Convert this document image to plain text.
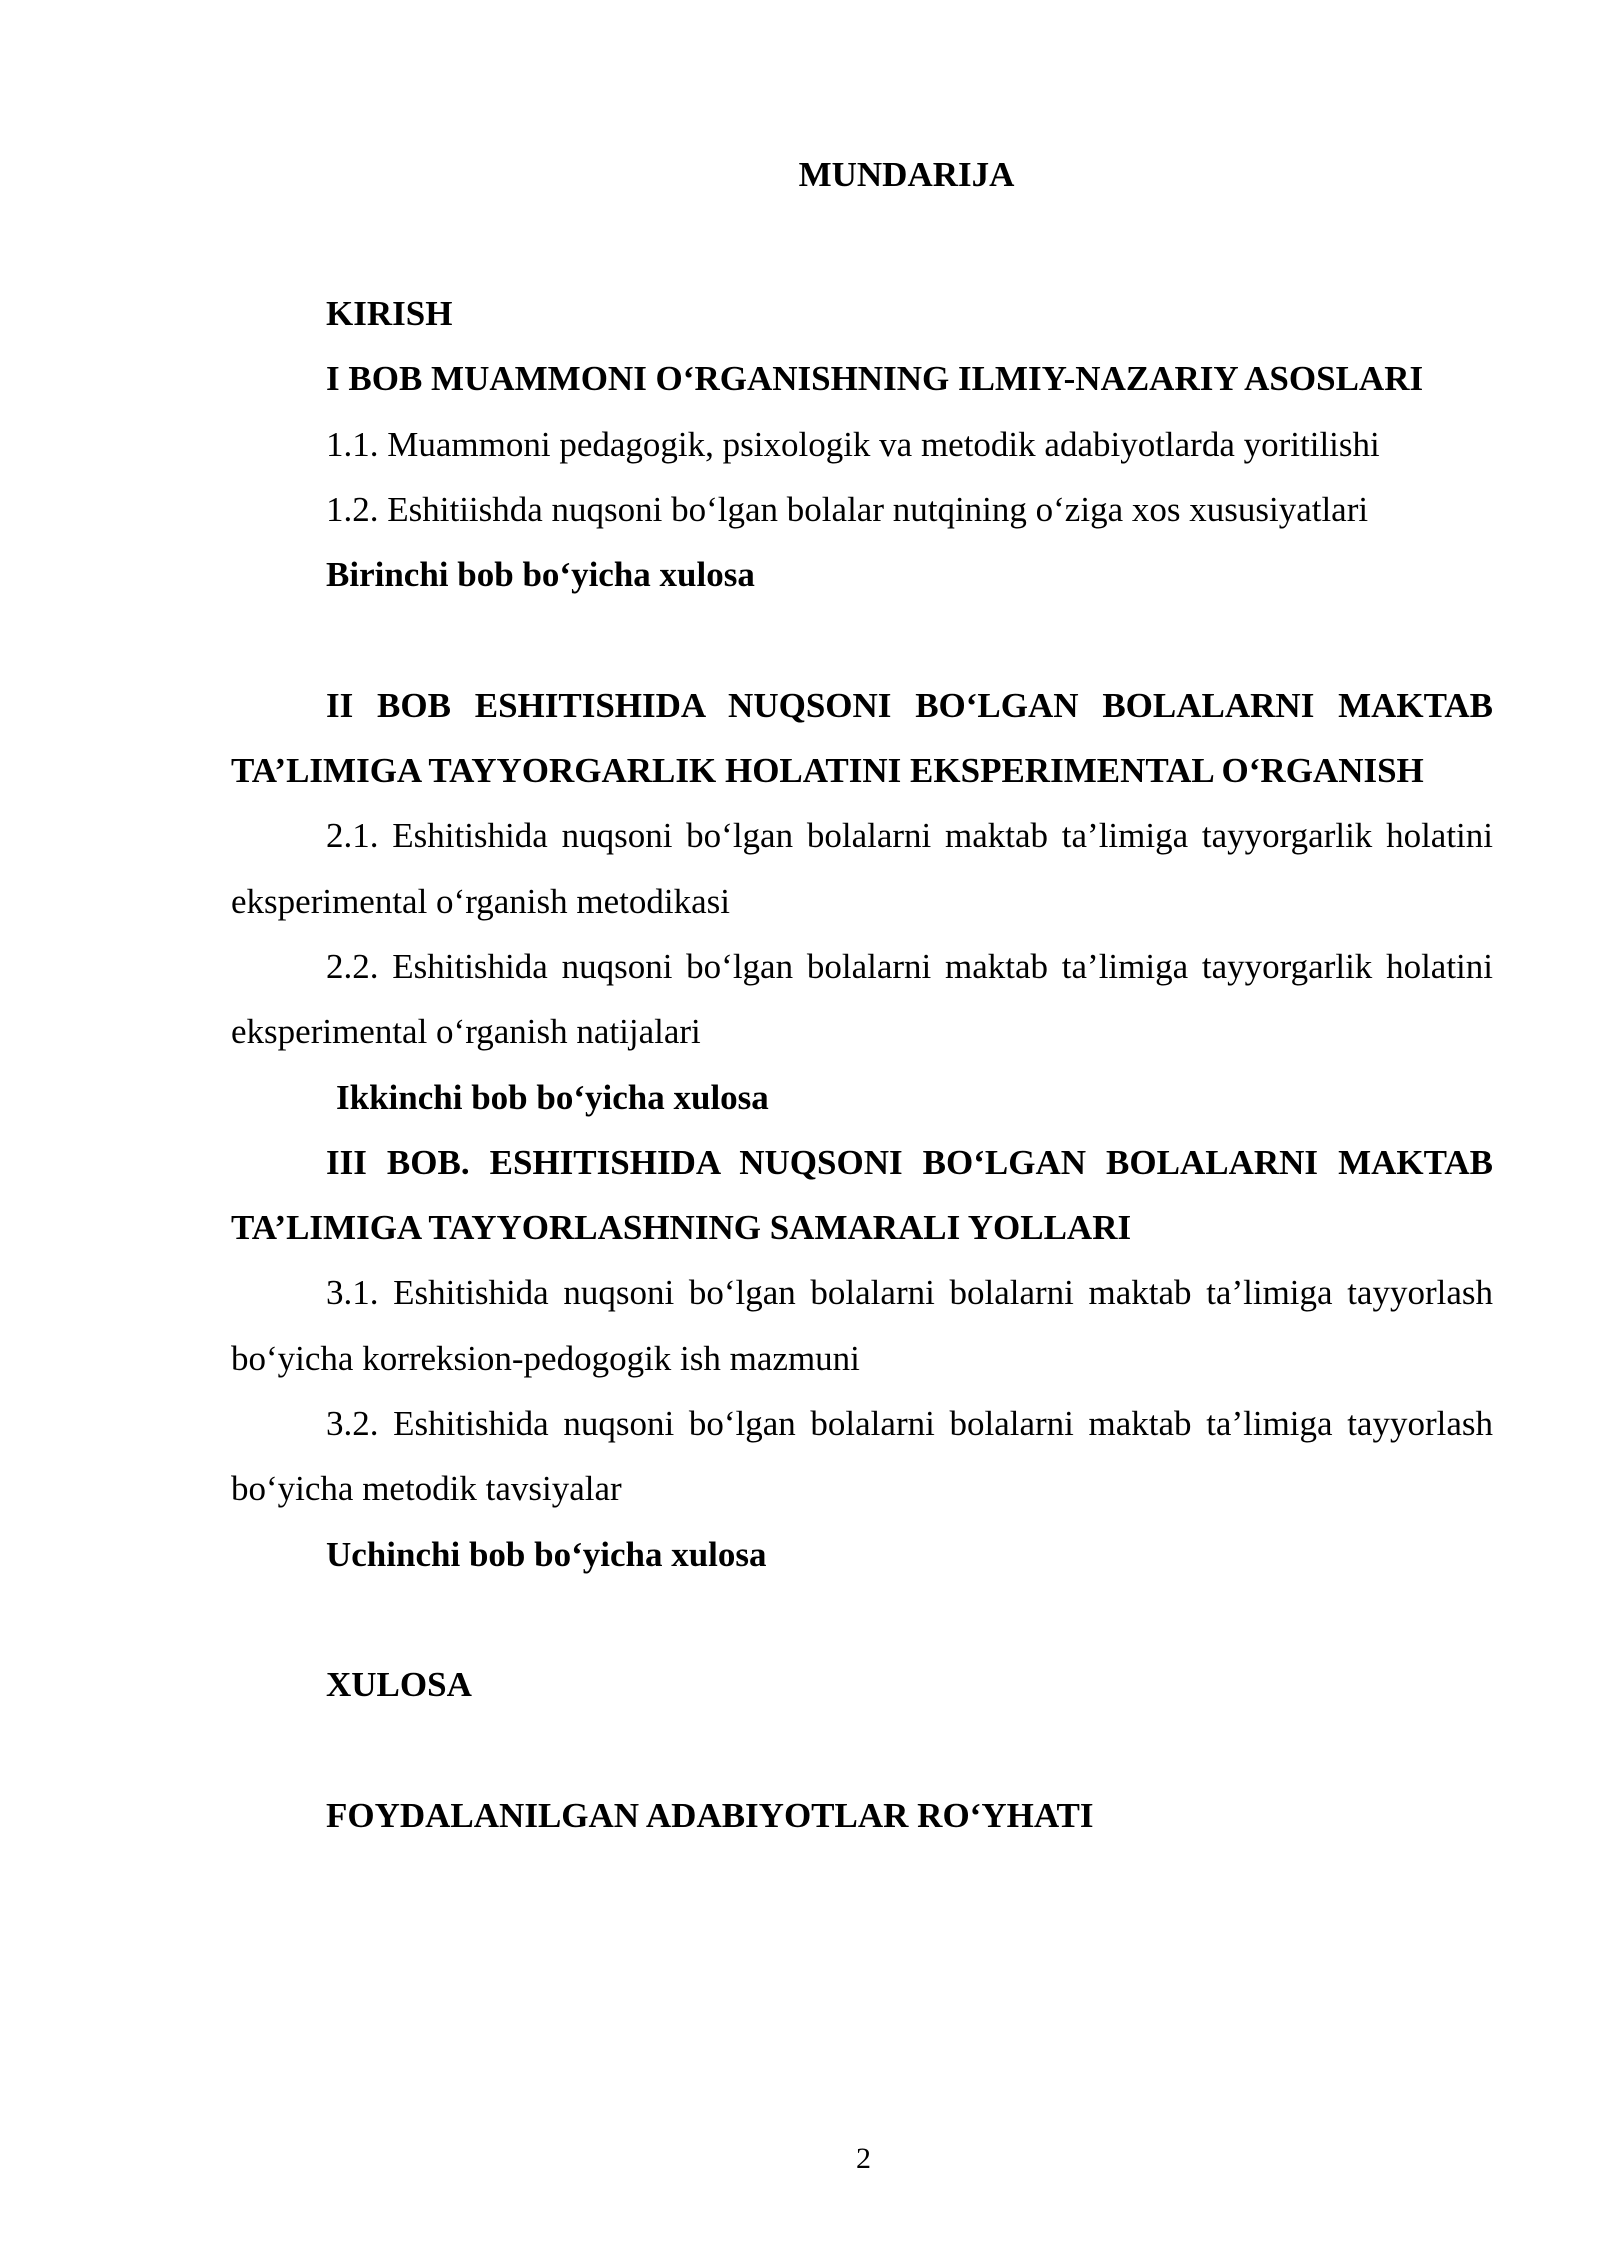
MUNDARIJA

KIRISH

I BOB MUAMMONI O‘RGANISHNING ILMIY-NAZARIY ASOSLARI

1.1. Muammoni pedagogik, psixologik va metodik adabiyotlarda yoritilishi

1.2. Eshitiishda nuqsoni bo‘lgan bolalar nutqining o‘ziga xos xususiyatlari

Birinchi bob bo‘yicha xulosa

II BOB ESHITISHIDA NUQSONI BO‘LGAN BOLALARNI MAKTAB TA’LIMIGA TAYYORGARLIK HOLATINI EKSPERIMENTAL O‘RGANISH

2.1. Eshitishida nuqsoni bo‘lgan bolalarni maktab ta’limiga tayyorgarlik holatini eksperimental o‘rganish metodikasi

2.2. Eshitishida nuqsoni bo‘lgan bolalarni maktab ta’limiga tayyorgarlik holatini eksperimental o‘rganish natijalari

Ikkinchi bob bo‘yicha xulosa

III BOB. ESHITISHIDA NUQSONI BO‘LGAN BOLALARNI MAKTAB TA’LIMIGA TAYYORLASHNING SAMARALI YOLLARI

3.1. Eshitishida nuqsoni bo‘lgan bolalarni bolalarni maktab ta’limiga tayyorlash bo‘yicha korreksion-pedogogik ish mazmuni

3.2. Eshitishida nuqsoni bo‘lgan bolalarni bolalarni maktab ta’limiga tayyorlash bo‘yicha metodik tavsiyalar

Uchinchi bob bo‘yicha xulosa

XULOSA

FOYDALANILGAN ADABIYOTLAR RO‘YHATI

2
